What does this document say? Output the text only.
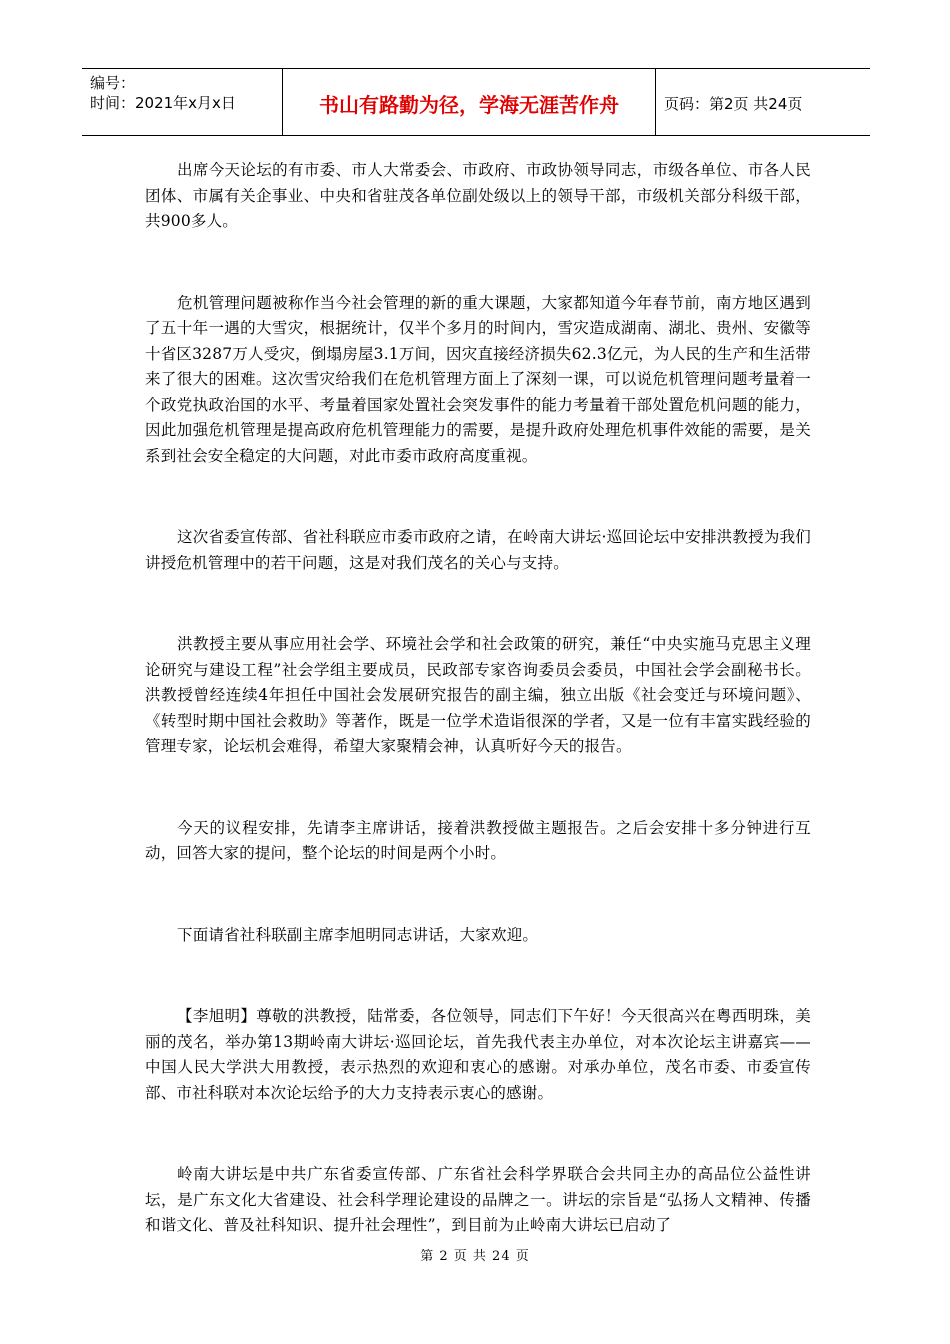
编号：
时间：2021年x月x日	书山有路勤为径，学海无涯苦作舟	页码：第2页 共24页

出席今天论坛的有市委、市人大常委会、市政府、市政协领导同志，市级各单位、市各人民团体、市属有关企事业、中央和省驻茂各单位副处级以上的领导干部，市级机关部分科级干部，共900多人。

危机管理问题被称作当今社会管理的新的重大课题，大家都知道今年春节前，南方地区遇到了五十年一遇的大雪灾，根据统计，仅半个多月的时间内，雪灾造成湖南、湖北、贵州、安徽等十省区3287万人受灾，倒塌房屋3.1万间，因灾直接经济损失62.3亿元，为人民的生产和生活带来了很大的困难。这次雪灾给我们在危机管理方面上了深刻一课，可以说危机管理问题考量着一个政党执政治国的水平、考量着国家处置社会突发事件的能力考量着干部处置危机问题的能力，因此加强危机管理是提高政府危机管理能力的需要，是提升政府处理危机事件效能的需要，是关系到社会安全稳定的大问题，对此市委市政府高度重视。

这次省委宣传部、省社科联应市委市政府之请，在岭南大讲坛·巡回论坛中安排洪教授为我们讲授危机管理中的若干问题，这是对我们茂名的关心与支持。

洪教授主要从事应用社会学、环境社会学和社会政策的研究，兼任“中央实施马克思主义理论研究与建设工程”社会学组主要成员，民政部专家咨询委员会委员，中国社会学会副秘书长。洪教授曾经连续4年担任中国社会发展研究报告的副主编，独立出版《社会变迁与环境问题》、《转型时期中国社会救助》等著作，既是一位学术造诣很深的学者，又是一位有丰富实践经验的管理专家，论坛机会难得，希望大家聚精会神，认真听好今天的报告。

今天的议程安排，先请李主席讲话，接着洪教授做主题报告。之后会安排十多分钟进行互动，回答大家的提问，整个论坛的时间是两个小时。

下面请省社科联副主席李旭明同志讲话，大家欢迎。

【李旭明】尊敬的洪教授，陆常委，各位领导，同志们下午好！今天很高兴在粤西明珠，美丽的茂名，举办第13期岭南大讲坛·巡回论坛，首先我代表主办单位，对本次论坛主讲嘉宾——中国人民大学洪大用教授，表示热烈的欢迎和衷心的感谢。对承办单位，茂名市委、市委宣传部、市社科联对本次论坛给予的大力支持表示衷心的感谢。

岭南大讲坛是中共广东省委宣传部、广东省社会科学界联合会共同主办的高品位公益性讲坛，是广东文化大省建设、社会科学理论建设的品牌之一。讲坛的宗旨是“弘扬人文精神、传播和谐文化、普及社科知识、提升社会理性”，到目前为止岭南大讲坛已启动了

第 2 页 共 24 页
